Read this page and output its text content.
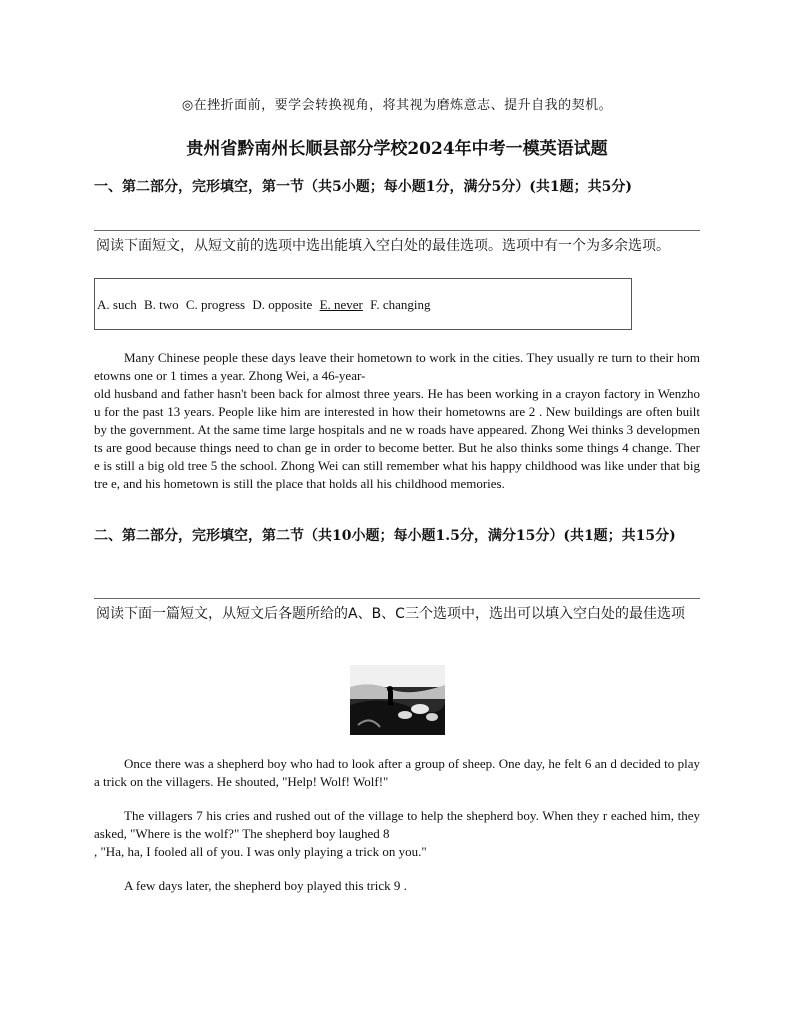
◎在挫折面前，要学会转换视角，将其视为磨炼意志、提升自我的契机。
贵州省黔南州长顺县部分学校2024年中考一模英语试题
一、第二部分，完形填空，第一节（共5小题；每小题1分，满分5分）(共1题；共5分)
阅读下面短文，从短文前的选项中选出能填入空白处的最佳选项。选项中有一个为多余选项。
A. such B. two C. progress D. opposite E. never F. changing

Many Chinese people these days leave their hometown to work in the cities. They usually re turn to their hometowns one or 1 times a year. Zhong Wei, a 46-year-

old husband and father hasn't been back for almost three years. He has been working in a crayon factory in Wenzhou for the past 13 years. People like him are interested in how their hometowns are 2 . New buildings are often built by the government. At the same time large hospitals and ne w roads have appeared. Zhong Wei thinks 3 developments are good because things need to chan ge in order to become better. But he also thinks some things 4 change. There is still a big old tree 5 the school. Zhong Wei can still remember what his happy childhood was like under that big tre e, and his hometown is still the place that holds all his childhood memories.

二、第二部分，完形填空，第二节（共10小题；每小题1.5分，满分15分）(共1题；共15分)
阅读下面一篇短文，从短文后各题所给的A、B、C三个选项中，选出可以填入空白处的最佳选项

Once there was a shepherd boy who had to look after a group of sheep. One day, he felt 6 an d decided to play a trick on the villagers. He shouted, "Help! Wolf! Wolf!"

The villagers 7 his cries and rushed out of the village to help the shepherd boy. When they r eached him, they asked, "Where is the wolf?" The shepherd boy laughed 8

, "Ha, ha, I fooled all of you. I was only playing a trick on you."

A few days later, the shepherd boy played this trick 9 .
